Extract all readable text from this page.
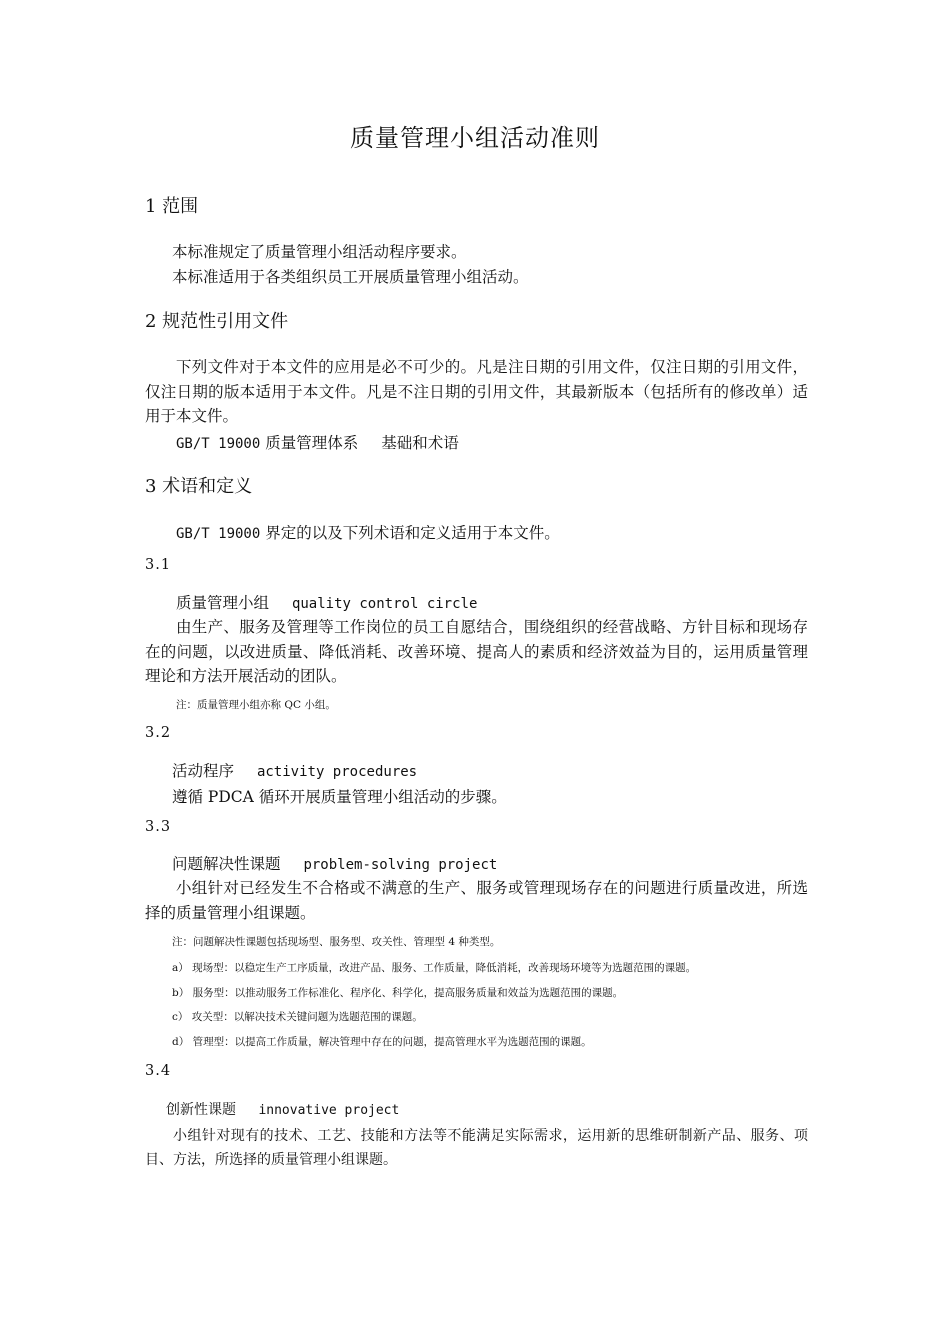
质量管理小组活动准则
1 范围
本标准规定了质量管理小组活动程序要求。
本标准适用于各类组织员工开展质量管理小组活动。
2 规范性引用文件
下列文件对于本文件的应用是必不可少的。凡是注日期的引用文件，仅注日期的引用文件，仅注日期的版本适用于本文件。凡是不注日期的引用文件，其最新版本（包括所有的修改单）适用于本文件。
GB/T 19000 质量管理体系 基础和术语
3 术语和定义
GB/T 19000 界定的以及下列术语和定义适用于本文件。
3.1
质量管理小组 quality control circle
由生产、服务及管理等工作岗位的员工自愿结合，围绕组织的经营战略、方针目标和现场存在的问题，以改进质量、降低消耗、改善环境、提高人的素质和经济效益为目的，运用质量管理理论和方法开展活动的团队。
注：质量管理小组亦称 QC 小组。
3.2
活动程序 activity procedures
遵循 PDCA 循环开展质量管理小组活动的步骤。
3.3
问题解决性课题 problem-solving project
小组针对已经发生不合格或不满意的生产、服务或管理现场存在的问题进行质量改进，所选择的质量管理小组课题。
注：问题解决性课题包括现场型、服务型、攻关性、管理型 4 种类型。
a） 现场型：以稳定生产工序质量，改进产品、服务、工作质量，降低消耗，改善现场环境等为选题范围的课题。
b） 服务型：以推动服务工作标准化、程序化、科学化，提高服务质量和效益为选题范围的课题。
c） 攻关型：以解决技术关键问题为选题范围的课题。
d） 管理型：以提高工作质量，解决管理中存在的问题，提高管理水平为选题范围的课题。
3.4
创新性课题 innovative project
小组针对现有的技术、工艺、技能和方法等不能满足实际需求，运用新的思维研制新产品、服务、项目、方法，所选择的质量管理小组课题。
